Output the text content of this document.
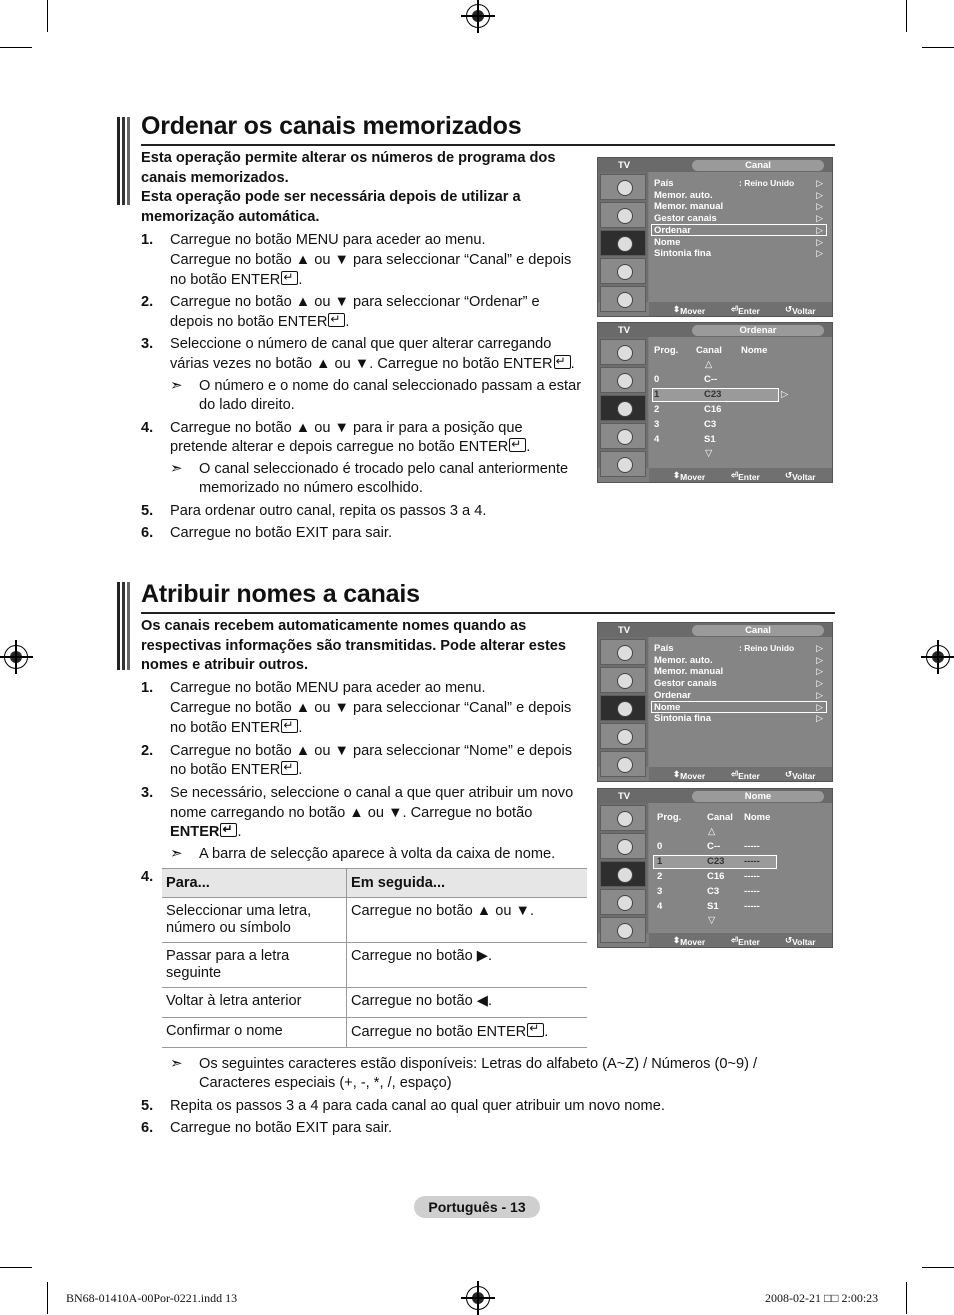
Ordenar os canais memorizados
Esta operação permite alterar os números de programa dos
canais memorizados.
Esta operação pode ser necessária depois de utilizar a
memorização automática.
1. Carregue no botão MENU para aceder ao menu.
Carregue no botão ▲ ou ▼ para seleccionar “Canal” e depois
no botão ENTER ↵ .
2. Carregue no botão ▲ ou ▼ para seleccionar “Ordenar” e
depois no botão ENTER ↵ .
3. Seleccione o número de canal que quer alterar carregando
várias vezes no botão ▲ ou ▼. Carregue no botão ENTER ↵ .
➣ O número e o nome do canal seleccionado passam a estar
do lado direito.
4. Carregue no botão ▲ ou ▼ para ir para a posição que
pretende alterar e depois carregue no botão ENTER ↵ .
➣ O canal seleccionado é trocado pelo canal anteriormente
memorizado no número escolhido.
5. Para ordenar outro canal, repita os passos 3 a 4.
6. Carregue no botão EXIT para sair.
TV	Canal
País	: Reino Unido
Memor. auto.
Memor. manual
Gestor canais
Ordenar
Nome
Sintonia fina
▷
▷
▷
▷
▷
▷
▷
⬍ Mover	⏎ Enter	↺ Voltar
TV	Ordenar
Prog. Canal Nome
△
0	C--
1	C23	▷
2	C16
3	C3
4	S1
▽
⬍ Mover	⏎ Enter	↺ Voltar
Atribuir nomes a canais
Os canais recebem automaticamente nomes quando as
respectivas informações são transmitidas. Pode alterar estes
nomes e atribuir outros.
1. Carregue no botão MENU para aceder ao menu.
Carregue no botão ▲ ou ▼ para seleccionar “Canal” e depois
no botão ENTER ↵ .
2. Carregue no botão ▲ ou ▼ para seleccionar “Nome” e depois
no botão ENTER ↵ .
3. Se necessário, seleccione o canal a que quer atribuir um novo
nome carregando no botão ▲ ou ▼. Carregue no botão
ENTER ↵ .
➣ A barra de selecção aparece à volta da caixa de nome.
4. Para...	Em seguida...
Seleccionar uma letra, número ou símbolo	Carregue no botão ▲ ou ▼.
Passar para a letra seguinte	Carregue no botão ▶.
Voltar à letra anterior	Carregue no botão ◀.
Confirmar o nome	Carregue no botão ENTER ↵ .
➣ Os seguintes caracteres estão disponíveis: Letras do alfabeto (A~Z) / Números (0~9) /
Caracteres especiais (+, -, *, /, espaço)
5. Repita os passos 3 a 4 para cada canal ao qual quer atribuir um novo nome.
6. Carregue no botão EXIT para sair.
TV	Canal
País	: Reino Unido
Memor. auto.
Memor. manual
Gestor canais
Ordenar
Nome
Sintonia fina
▷
▷
▷
▷
▷
▷
▷
⬍ Mover	⏎ Enter	↺ Voltar
TV	Nome
Prog.	Canal Nome
△
0	C--	-----
1	C23 -----
2	C16 -----
3	C3	-----
4	S1	-----
▽
⬍ Mover	⏎ Enter	↺ Voltar
Português - 13
BN68-01410A-00Por-0221.indd 13	2008-02-21 □□ 2:00:23
